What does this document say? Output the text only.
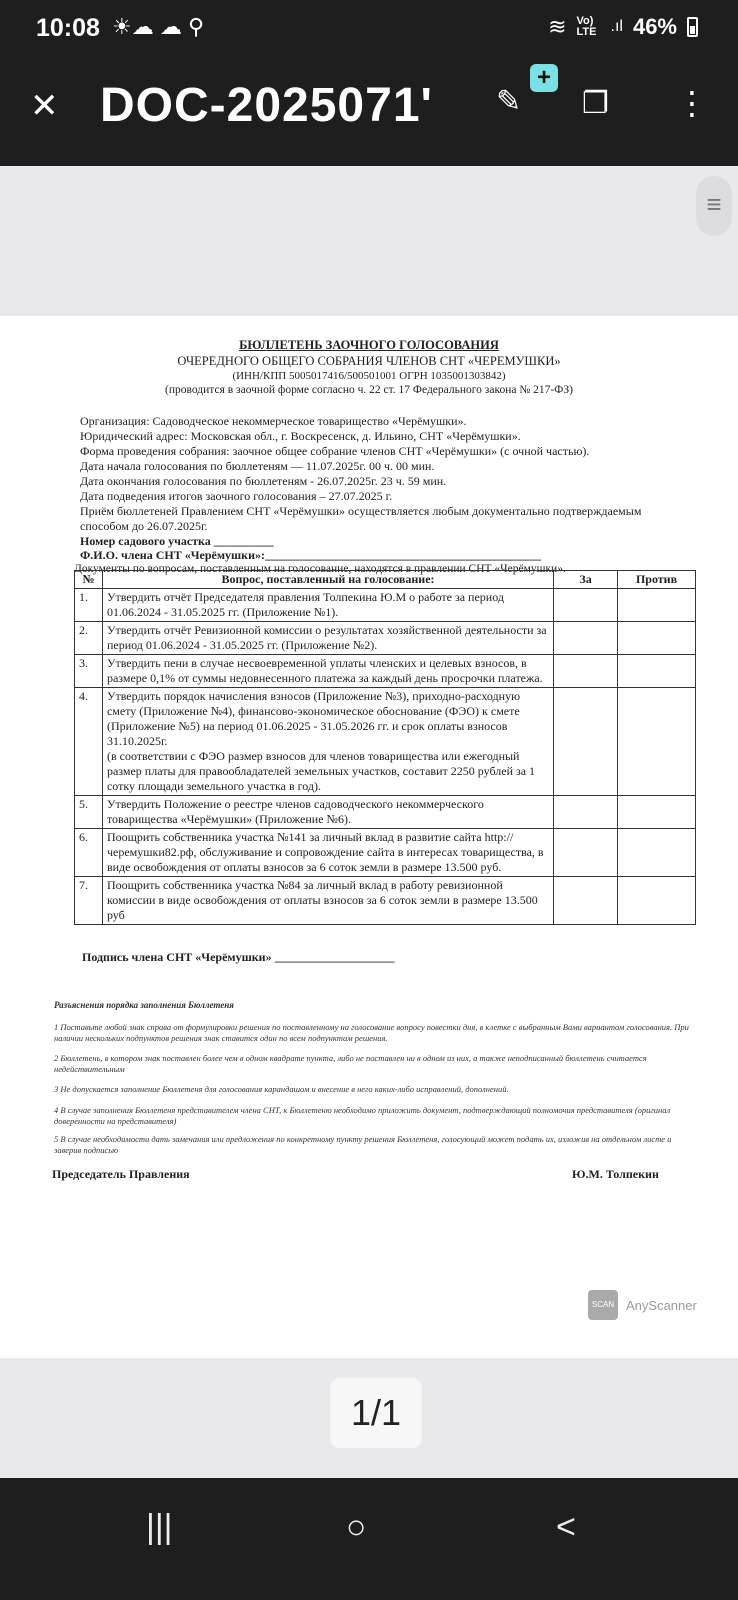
10:08 ☀☁ ☁ ⚲	≋ Vo) LTE .ıl 46%
✕ DOC-2025071'	✎
+
❐ ⋮
≡
БЮЛЛЕТЕНЬ ЗАОЧНОГО ГОЛОСОВАНИЯ
ОЧЕРЕДНОГО ОБЩЕГО СОБРАНИЯ ЧЛЕНОВ СНТ «ЧЕРЕМУШКИ»
(ИНН/КПП 5005017416/500501001 ОГРН 1035001303842)
(проводится в заочной форме согласно ч. 22 ст. 17 Федерального закона № 217-ФЗ)
Организация: Садоводческое некоммерческое товарищество «Черёмушки».
Юридический адрес: Московская обл., г. Воскресенск, д. Ильино, СНТ «Черёмушки».
Форма проведения собрания: заочное общее собрание членов СНТ «Черёмушки» (с очной частью).
Дата начала голосования по бюллетеням — 11.07.2025г. 00 ч. 00 мин.
Дата окончания голосования по бюллетеням - 26.07.2025г. 23 ч. 59 мин.
Дата подведения итогов заочного голосования – 27.07.2025 г.
Приём бюллетеней Правлением СНТ «Черёмушки» осуществляется любым документально подтверждаемым
способом до 26.07.2025г.
Номер садового участка __________
Ф.И.О. члена СНТ «Черёмушки»:______________________________________________
Документы по вопросам, поставленным на голосование, находятся в правлении СНТ «Черёмушки».
№	Вопрос, поставленный на голосование:	За	Против
1.	Утвердить отчёт Председателя правления Толпекина Ю.М о работе за период 01.06.2024 - 31.05.2025 гг. (Приложение №1).		
2.	Утвердить отчёт Ревизионной комиссии о результатах хозяйственной деятельности за период 01.06.2024 - 31.05.2025 гг. (Приложение №2).		
3.	Утвердить пени в случае несвоевременной уплаты членских и целевых взносов, в размере 0,1% от суммы недовнесенного платежа за каждый день просрочки платежа.		
4.	Утвердить порядок начисления взносов (Приложение №3), приходно-расходную смету (Приложение №4), финансово-экономическое обоснование (ФЭО) к смете (Приложение №5) на период 01.06.2025 - 31.05.2026 гг. и срок оплаты взносов 31.10.2025г.
(в соответствии с ФЭО размер взносов для членов товарищества или ежегодный размер платы для правообладателей земельных участков, составит 2250 рублей за 1 сотку площади земельного участка в год).		

5.	Утвердить Положение о реестре членов садоводческого некоммерческого товарищества «Черёмушки» (Приложение №6).		
6.	Поощрить собственника участка №141 за личный вклад в развитие сайта http://черемушки82.рф, обслуживание и сопровождение сайта в интересах товарищества, в виде освобождения от оплаты взносов за 6 соток земли в размере 13.500 руб.		
7.	Поощрить собственника участка №84 за личный вклад в работу ревизионной комиссии в виде освобождения от оплаты взносов за 6 соток земли в размере 13.500 руб		
Подпись члена СНТ «Черёмушки» ____________________
Разъяснения порядка заполнения Бюллетеня
1 Поставьте любой знак справа от формулировки решения по поставленному на голосование вопросу повестки дня, в клетке с выбранным Вами вариантом голосования. При наличии нескольких подпунктов решения знак ставится один по всем подпунктам решения.
2 Бюллетень, в котором знак поставлен более чем в одном квадрате пункта, либо не поставлен ни в одном из них, а также неподписанный бюллетень считается недействительным
3 Не допускается заполнение Бюллетеня для голосования карандашом и внесение в него каких-либо исправлений, дополнений.
4 В случае заполнения Бюллетеня представителем члена СНТ, к Бюллетеню необходимо приложить документ, подтверждающий полномочия представителя (оригинал доверенности на представителя)
5 В случае необходимости дать замечания или предложения по конкретному пункту решения Бюллетеня, голосующий может подать их, изложив на отдельном листе и заверив подписью
Председатель Правления	Ю.М. Толпекин
SCAN AnyScanner
1/1
|||	○	<
